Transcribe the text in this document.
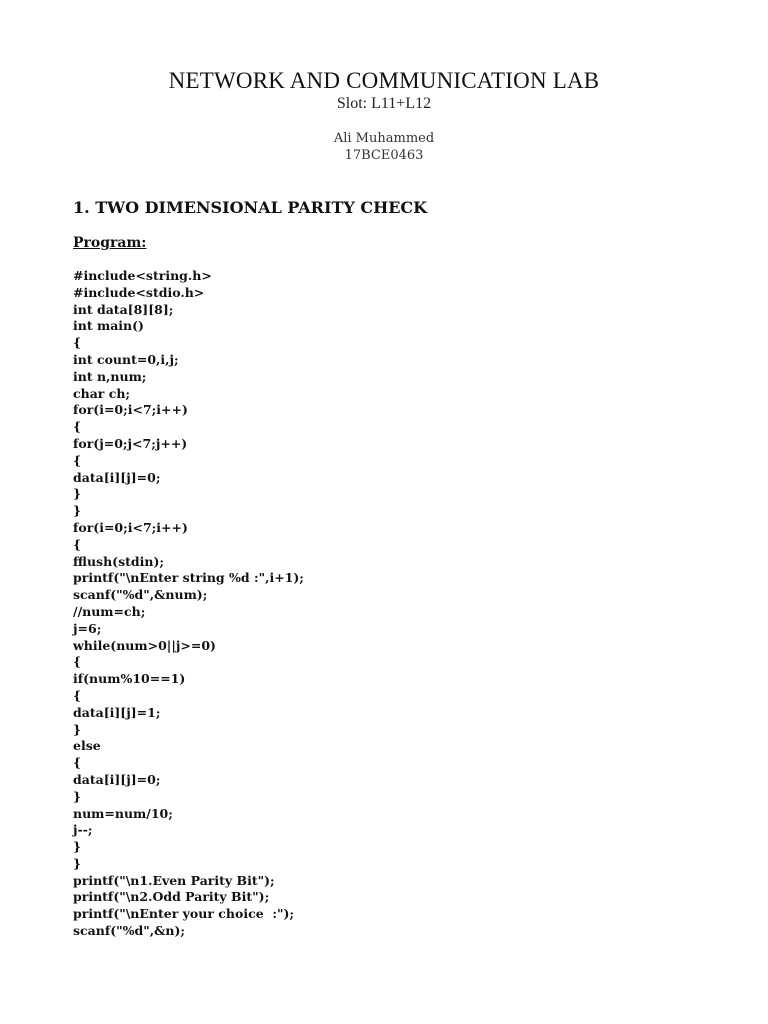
NETWORK AND COMMUNICATION LAB
Slot: L11+L12
Ali Muhammed
17BCE0463
1. TWO DIMENSIONAL PARITY CHECK
Program:
#include<string.h>
#include<stdio.h>
int data[8][8];
int main()
{
int count=0,i,j;
int n,num;
char ch;
for(i=0;i<7;i++)
{
for(j=0;j<7;j++)
{
data[i][j]=0;
}
}
for(i=0;i<7;i++)
{
fflush(stdin);
printf("\nEnter string %d :",i+1);
scanf("%d",&num);
//num=ch;
j=6;
while(num>0||j>=0)
{
if(num%10==1)
{
data[i][j]=1;
}
else
{
data[i][j]=0;
}
num=num/10;
j--;
}
}
printf("\n1.Even Parity Bit");
printf("\n2.Odd Parity Bit");
printf("\nEnter your choice  :");
scanf("%d",&n);
